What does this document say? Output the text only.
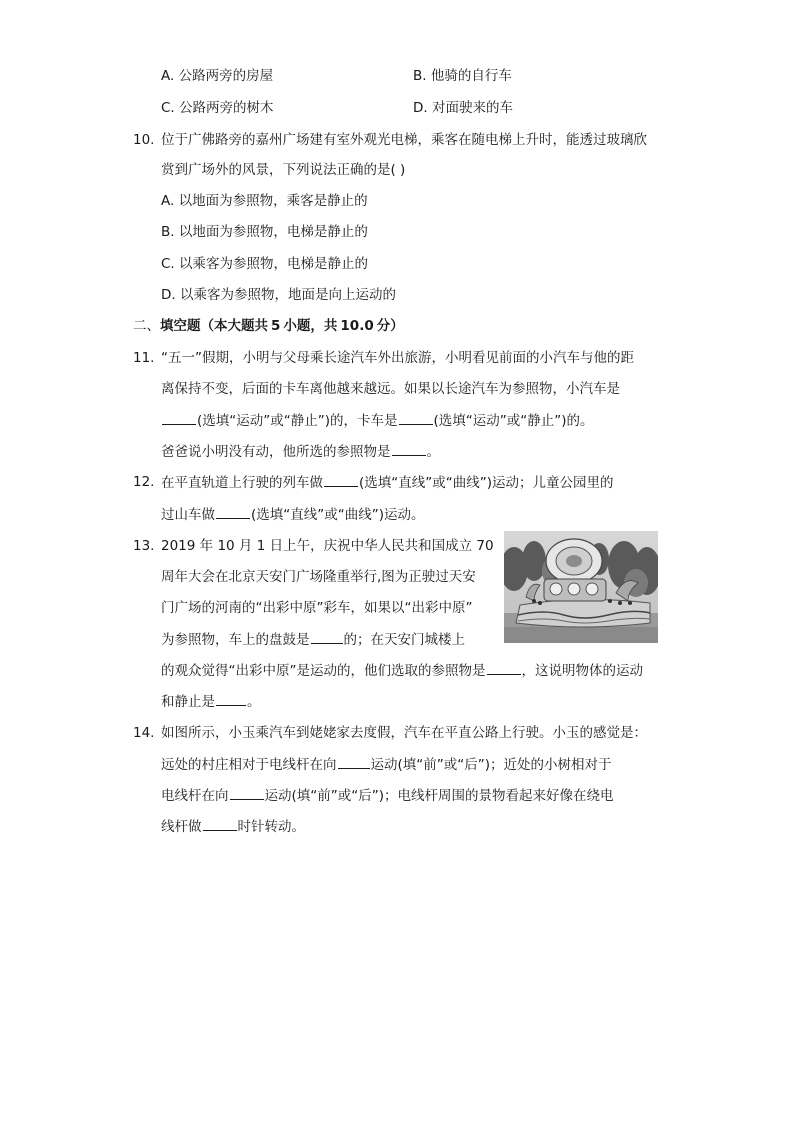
A. 公路两旁的房屋	B. 他骑的自行车
C. 公路两旁的树木	D. 对面驶来的车
10. 位于广佛路旁的嘉州广场建有室外观光电梯，乘客在随电梯上升时，能透过玻璃欣
赏到广场外的风景，下列说法正确的是( )
A. 以地面为参照物，乘客是静止的
B. 以地面为参照物，电梯是静止的
C. 以乘客为参照物，电梯是静止的
D. 以乘客为参照物，地面是向上运动的
二、填空题（本大题共 5 小题，共 10.0 分）
11. “五一”假期，小明与父母乘长途汽车外出旅游，小明看见前面的小汽车与他的距
离保持不变，后面的卡车离他越来越远。如果以长途汽车为参照物，小汽车是
(选填“运动”或“静止”)的，卡车是	(选填“运动”或“静止”)的。
爸爸说小明没有动，他所选的参照物是	。
12. 在平直轨道上行驶的列车做	(选填“直线”或“曲线”)运动；儿童公园里的
过山车做	(选填“直线”或“曲线”)运动。
13. 2019 年 10 月 1 日上午，庆祝中华人民共和国成立 70
周年大会在北京天安门广场隆重举行,图为正驶过天安
门广场的河南的“出彩中原”彩车，如果以“出彩中原”
为参照物，车上的盘鼓是	的；在天安门城楼上
的观众觉得“出彩中原”是运动的，他们选取的参照物是	，这说明物体的运动
和静止是 。
14. 如图所示，小玉乘汽车到姥姥家去度假，汽车在平直公路上行驶。小玉的感觉是：
远处的村庄相对于电线杆在向	运动(填“前”或“后”)；近处的小树相对于
电线杆在向	运动(填“前”或“后”)；电线杆周围的景物看起来好像在绕电
线杆做	时针转动。
